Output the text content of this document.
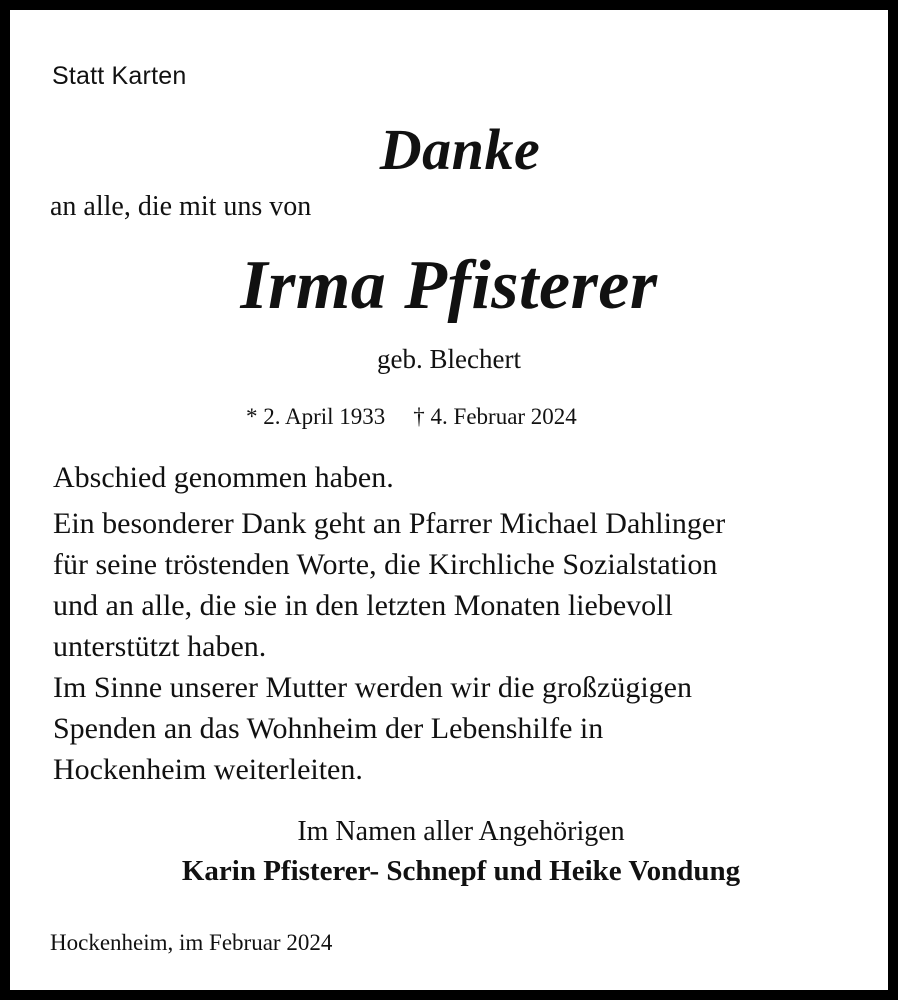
Statt Karten

Danke

an alle, die mit uns von

Irma Pfisterer

geb. Blechert

* 2. April 1933 † 4. Februar 2024

Abschied genommen haben.
Ein besonderer Dank geht an Pfarrer Michael Dahlinger
für seine tröstenden Worte, die Kirchliche Sozialstation
und an alle, die sie in den letzten Monaten liebevoll
unterstützt haben.
Im Sinne unserer Mutter werden wir die großzügigen
Spenden an das Wohnheim der Lebenshilfe in
Hockenheim weiterleiten.

Im Namen aller Angehörigen

Karin Pfisterer- Schnepf und Heike Vondung

Hockenheim, im Februar 2024
